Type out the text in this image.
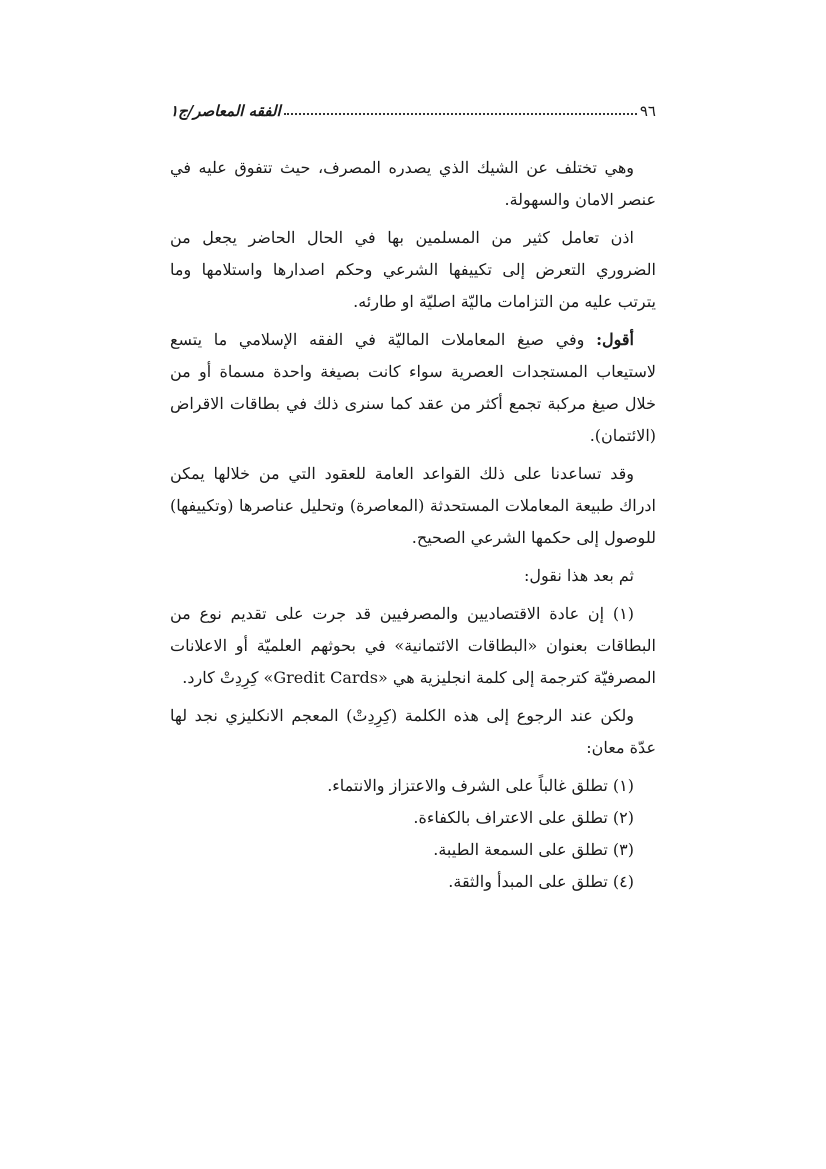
٩٦
الفقه المعاصر/ج١

وهي تختلف عن الشيك الذي يصدره المصرف، حيث تتفوق عليه في عنصر الامان والسهولة.

اذن تعامل كثير من المسلمين بها في الحال الحاضر يجعل من الضروري التعرض إلى تكييفها الشرعي وحكم اصدارها واستلامها وما يترتب عليه من التزامات ماليّة اصليّة او طارئه.

أقول: وفي صيغ المعاملات الماليّة في الفقه الإسلامي ما يتسع لاستيعاب المستجدات العصرية سواء كانت بصيغة واحدة مسماة أو من خلال صيغ مركبة تجمع أكثر من عقد كما سنرى ذلك في بطاقات الاقراض (الائتمان).

وقد تساعدنا على ذلك القواعد العامة للعقود التي من خلالها يمكن ادراك طبيعة المعاملات المستحدثة (المعاصرة) وتحليل عناصرها (وتكييفها) للوصول إلى حكمها الشرعي الصحيح.

ثم بعد هذا نقول:

(١) إن عادة الاقتصاديين والمصرفيين قد جرت على تقديم نوع من البطاقات بعنوان «البطاقات الائتمانية» في بحوثهم العلميّة أو الاعلانات المصرفيّة كترجمة إلى كلمة انجليزية هي «Gredit Cards» كِرِدِتْ كارد.

ولكن عند الرجوع إلى هذه الكلمة (كِرِدِتْ) المعجم الانكليزي نجد لها عدّة معان:

(١) تطلق غالباً على الشرف والاعتزاز والانتماء.
(٢) تطلق على الاعتراف بالكفاءة.
(٣) تطلق على السمعة الطيبة.
(٤) تطلق على المبدأ والثقة.
